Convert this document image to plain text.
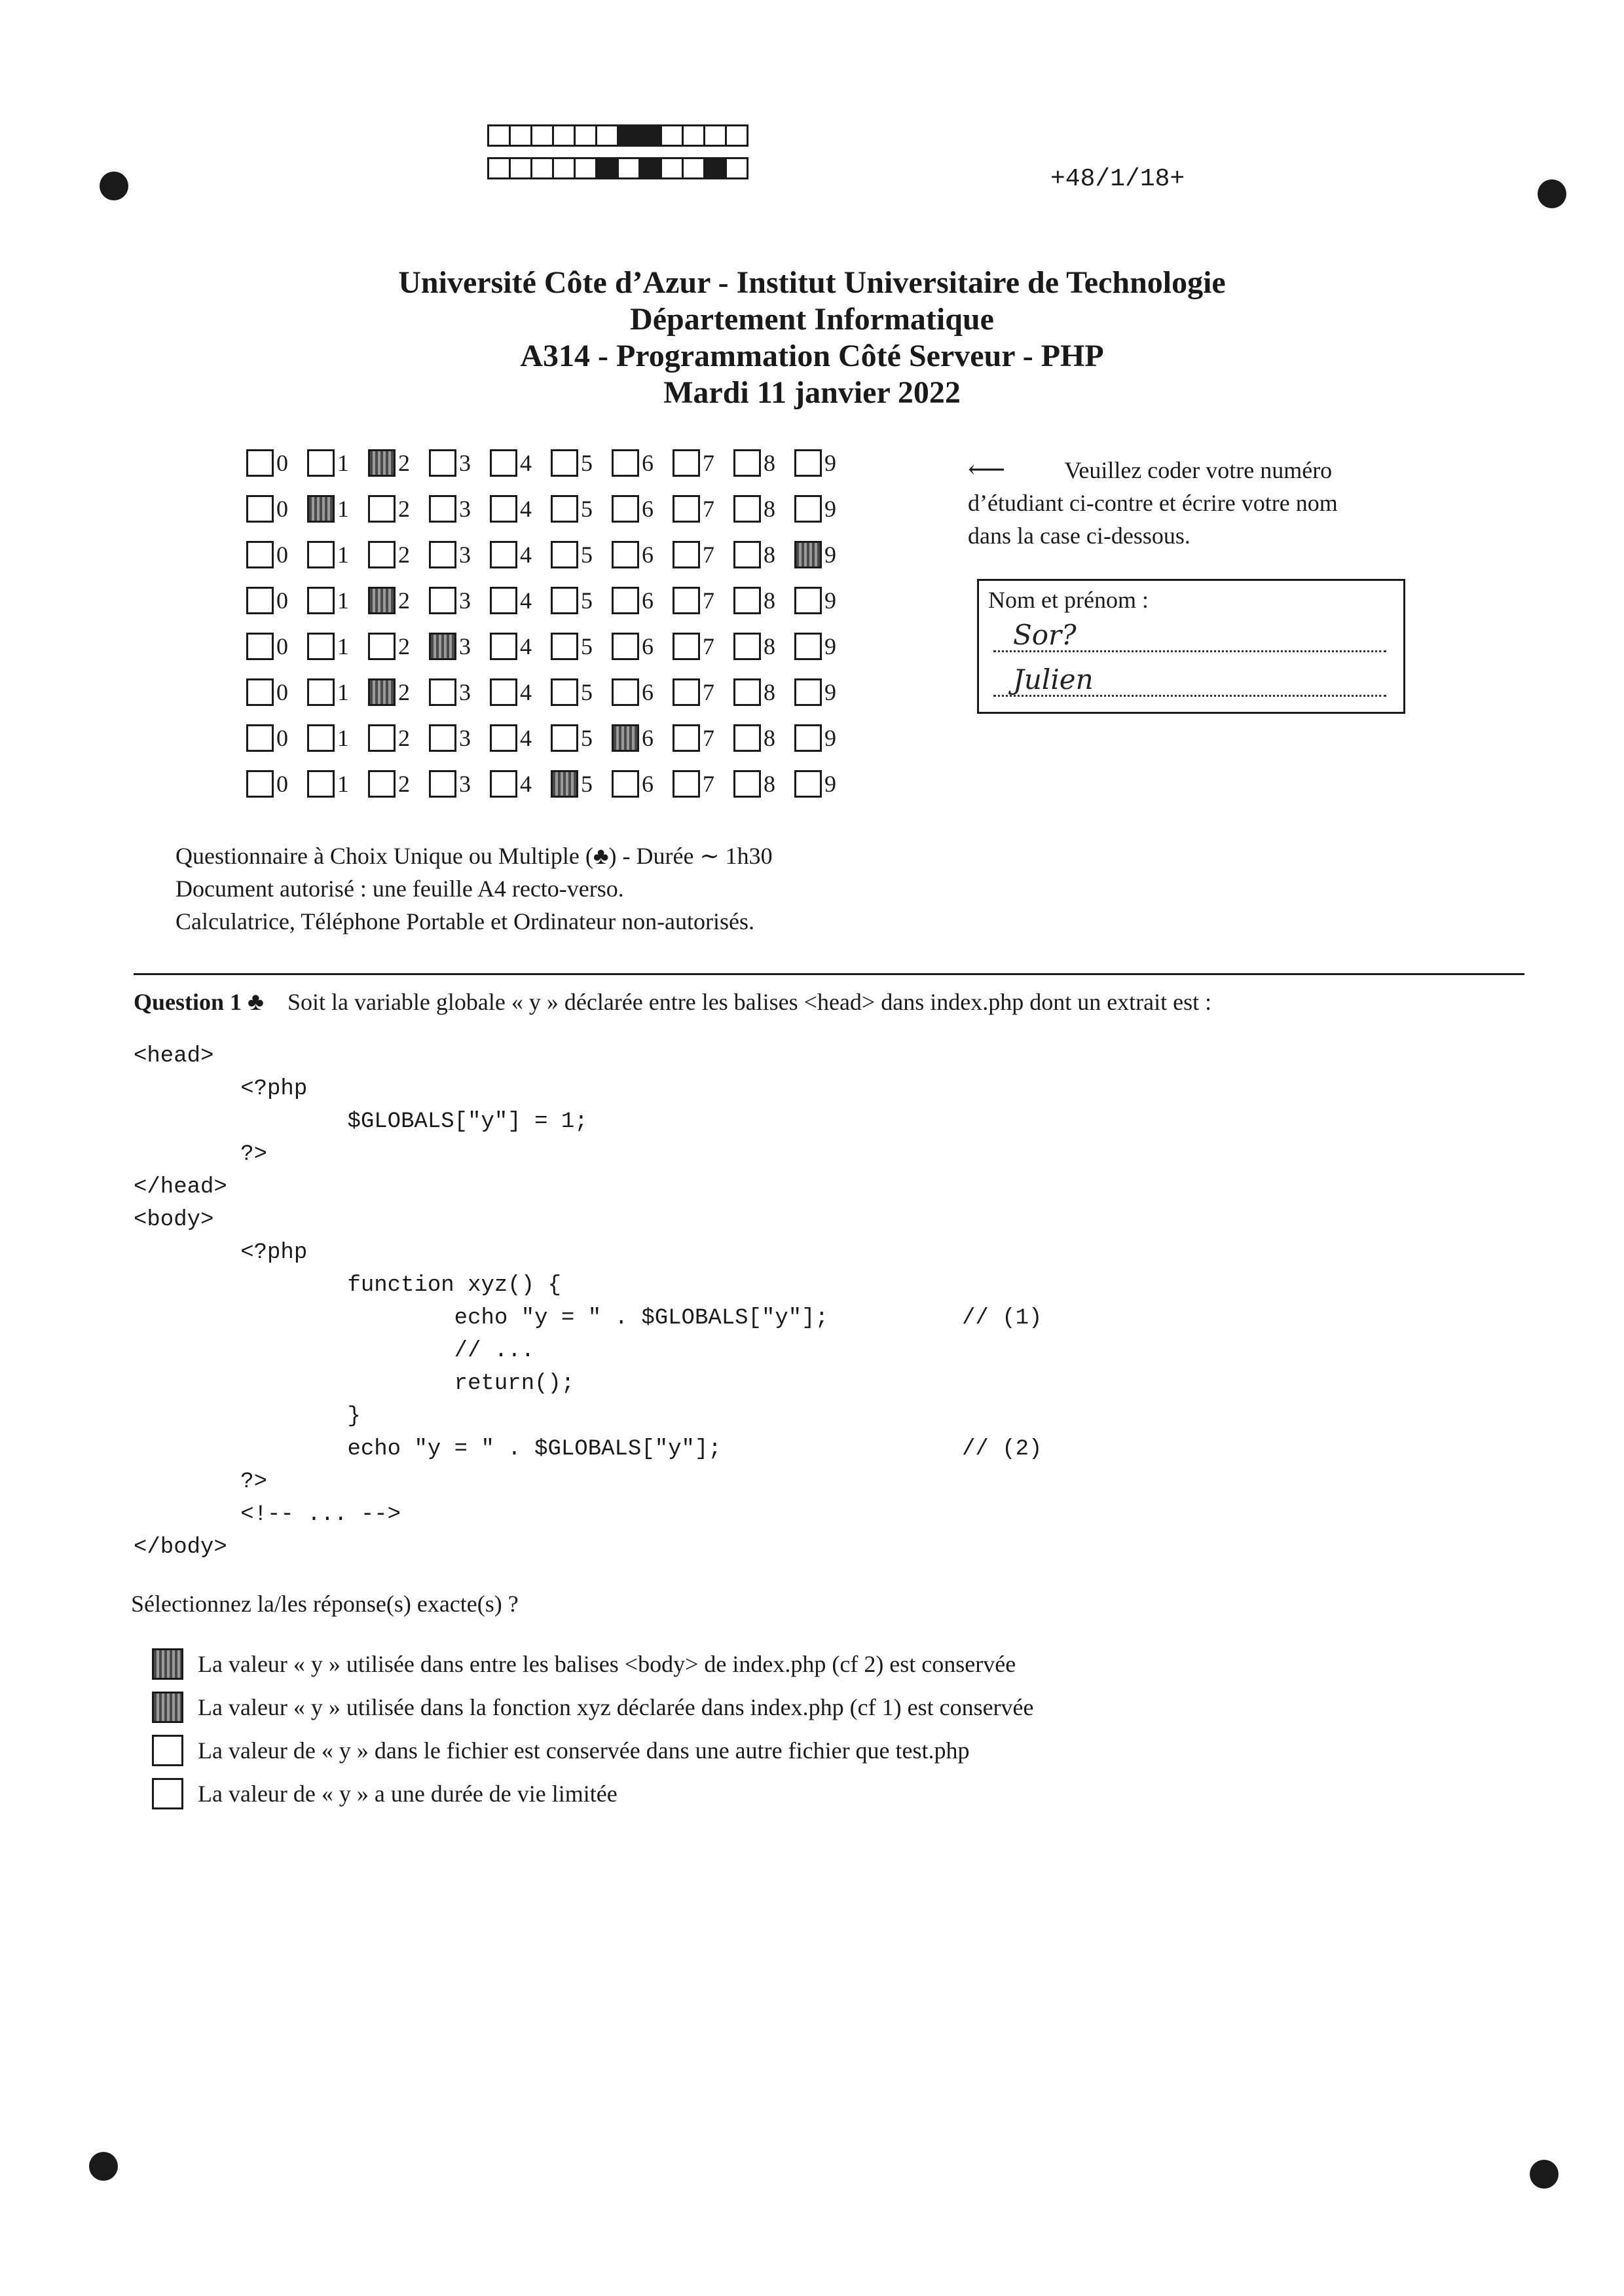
+48/1/18+
Université Côte d’Azur - Institut Universitaire de Technologie
Département Informatique
A314 - Programmation Côté Serveur - PHP
Mardi 11 janvier 2022
0 1 2 3 4 5 6 7 8 9
0 1 2 3 4 5 6 7 8 9
0 1 2 3 4 5 6 7 8 9
0 1 2 3 4 5 6 7 8 9
0 1 2 3 4 5 6 7 8 9
0 1 2 3 4 5 6 7 8 9
0 1 2 3 4 5 6 7 8 9
0 1 2 3 4 5 6 7 8 9
⟵	Veuillez coder votre numéro
d’étudiant ci-contre et écrire votre nom
dans la case ci-dessous.
Nom et prénom :
Sor?
Julien
Questionnaire à Choix Unique ou Multiple (♣) - Durée ∼ 1h30
Document autorisé : une feuille A4 recto-verso.
Calculatrice, Téléphone Portable et Ordinateur non-autorisés.
Question 1 ♣ Soit la variable globale « y » déclarée entre les balises <head> dans index.php dont un extrait est :
<head>
<?php
$GLOBALS["y"] = 1;
?>
</head>
<body>
<?php
function xyz() {
echo "y = " . $GLOBALS["y"];          // (1)
// ...
return();
}
echo "y = " . $GLOBALS["y"];                  // (2)
?>
<!-- ... -->
</body>
Sélectionnez la/les réponse(s) exacte(s) ?
La valeur « y » utilisée dans entre les balises <body> de index.php (cf 2) est conservée
La valeur « y » utilisée dans la fonction xyz déclarée dans index.php (cf 1) est conservée
La valeur de « y » dans le fichier est conservée dans une autre fichier que test.php
La valeur de « y » a une durée de vie limitée
